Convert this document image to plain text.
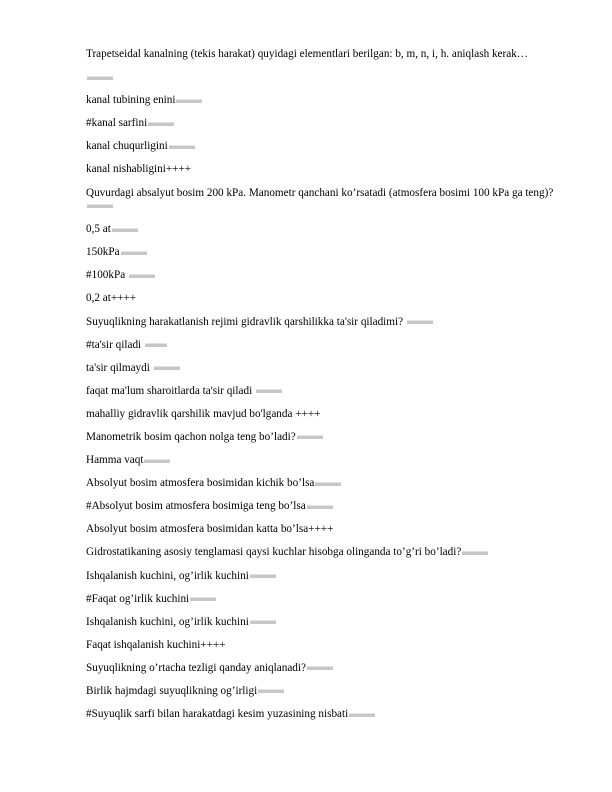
Trapetseidal kanalning (tekis harakat) quyidagi elementlari berilgan: b, m, n, i, h. aniqlash kerak…
kanal tubining enini
#kanal sarfini
kanal chuqurligini
kanal nishabligini++++
Quvurdagi absalyut bosim 200 kPa. Manometr qanchani ko’rsatadi (atmosfera bosimi 100 kPa ga teng)?
0,5 at
150kPa
#100kPa
0,2 at++++
Suyuqlikning harakatlanish rejimi gidravlik qarshilikka ta'sir qiladimi?
#ta'sir qiladi
ta'sir qilmaydi
faqat ma'lum sharoitlarda ta'sir qiladi
mahalliy gidravlik qarshilik mavjud bo'lganda ++++
Manometrik bosim qachon nolga teng bo’ladi?
Hamma vaqt
Absolyut bosim atmosfera bosimidan kichik bo’lsa
#Absolyut bosim atmosfera bosimiga teng bo’lsa
Absolyut bosim atmosfera bosimidan katta bo’lsa++++
Gidrostatikaning asosiy tenglamasi qaysi kuchlar hisobga olinganda to’g’ri bo’ladi?
Ishqalanish kuchini, og’irlik kuchini
#Faqat og’irlik kuchini
Ishqalanish kuchini, og’irlik kuchini
Faqat ishqalanish kuchini++++
Suyuqlikning o’rtacha tezligi qanday aniqlanadi?
Birlik hajmdagi suyuqlikning og’irligi
#Suyuqlik sarfi bilan harakatdagi kesim yuzasining nisbati
